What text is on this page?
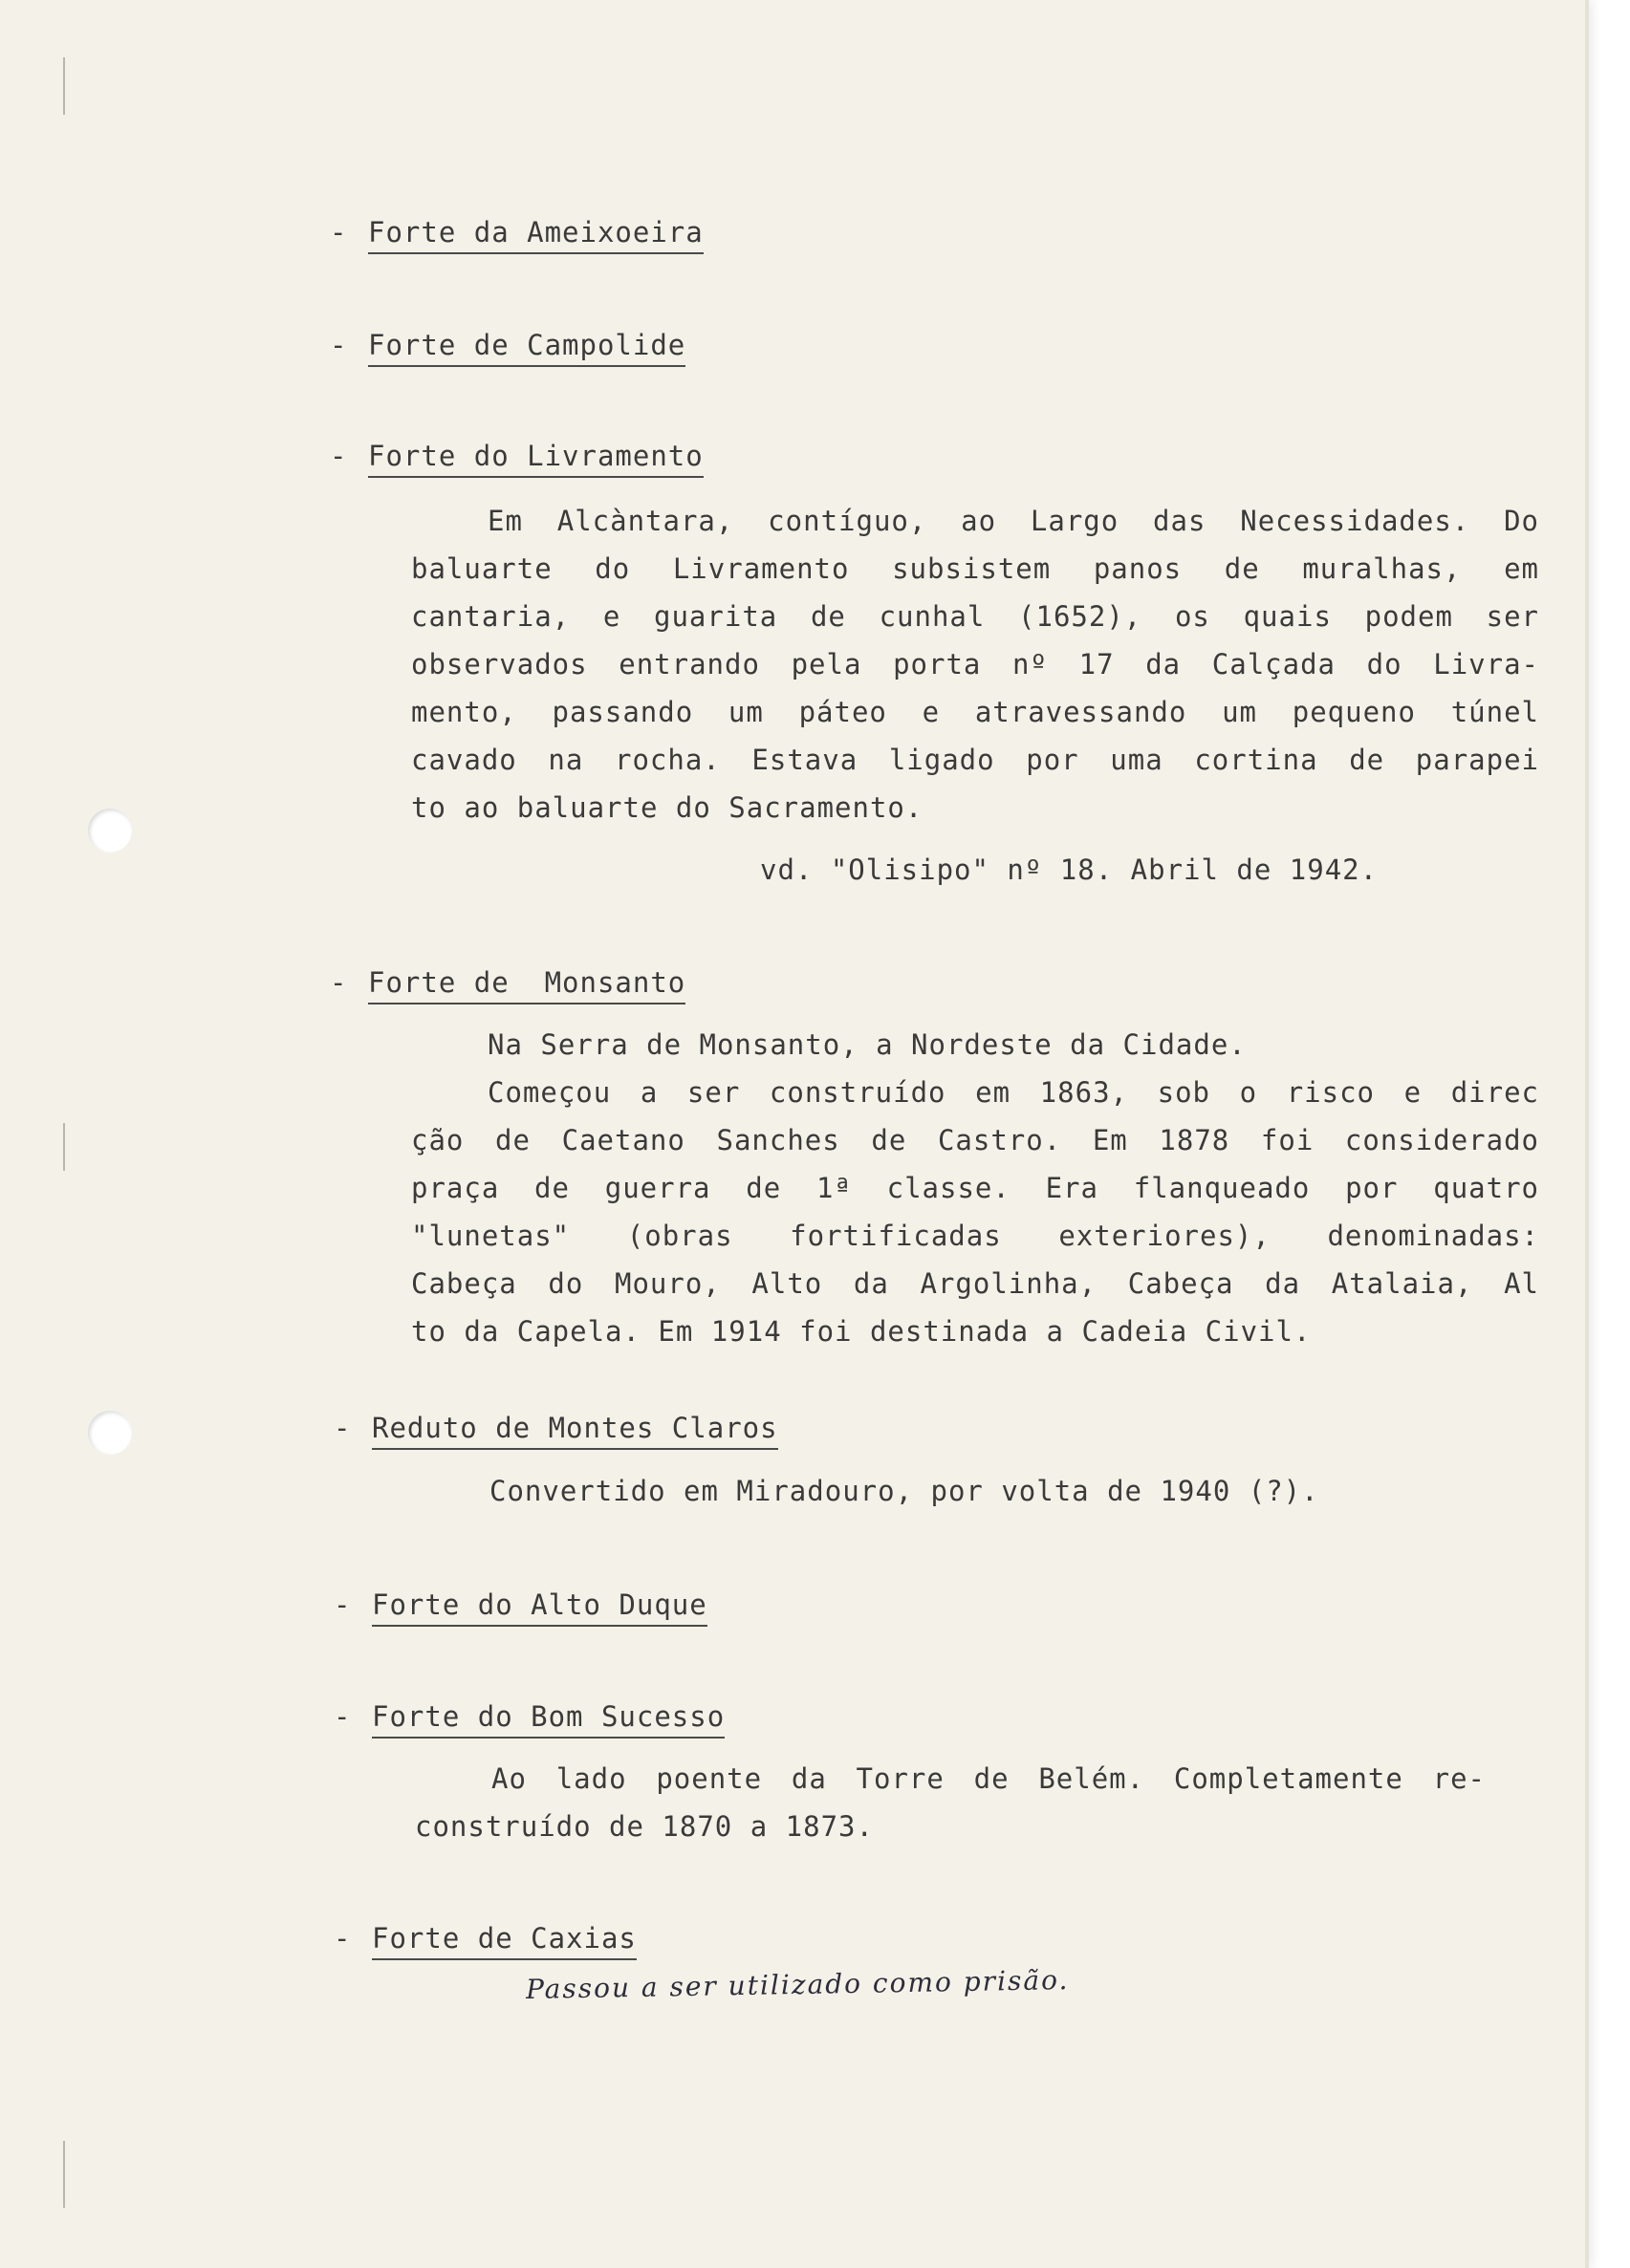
- Forte da Ameixoeira
- Forte de Campolide
- Forte do Livramento
Em Alcàntara, contíguo, ao Largo das Necessidades. Do
baluarte do Livramento subsistem panos de muralhas, em
cantaria, e guarita de cunhal (1652), os quais podem ser
observados entrando pela porta nº 17 da Calçada do Livra-
mento, passando um páteo e atravessando um pequeno túnel
cavado na rocha. Estava ligado por uma cortina de parapei
to ao baluarte do Sacramento.
vd. "Olisipo" nº 18. Abril de 1942.
- Forte de  Monsanto
Na Serra de Monsanto, a Nordeste da Cidade.
Começou a ser construído em 1863, sob o risco e direc
ção de Caetano Sanches de Castro. Em 1878 foi considerado
praça de guerra de 1ª classe. Era flanqueado por quatro
"lunetas" (obras fortificadas exteriores), denominadas:
Cabeça do Mouro, Alto da Argolinha, Cabeça da Atalaia, Al
to da Capela. Em 1914 foi destinada a Cadeia Civil.
- Reduto de Montes Claros
Convertido em Miradouro, por volta de 1940 (?).
- Forte do Alto Duque
- Forte do Bom Sucesso
Ao lado poente da Torre de Belém. Completamente re-
construído de 1870 a 1873.
- Forte de Caxias
Passou a ser utilizado como prisão.
